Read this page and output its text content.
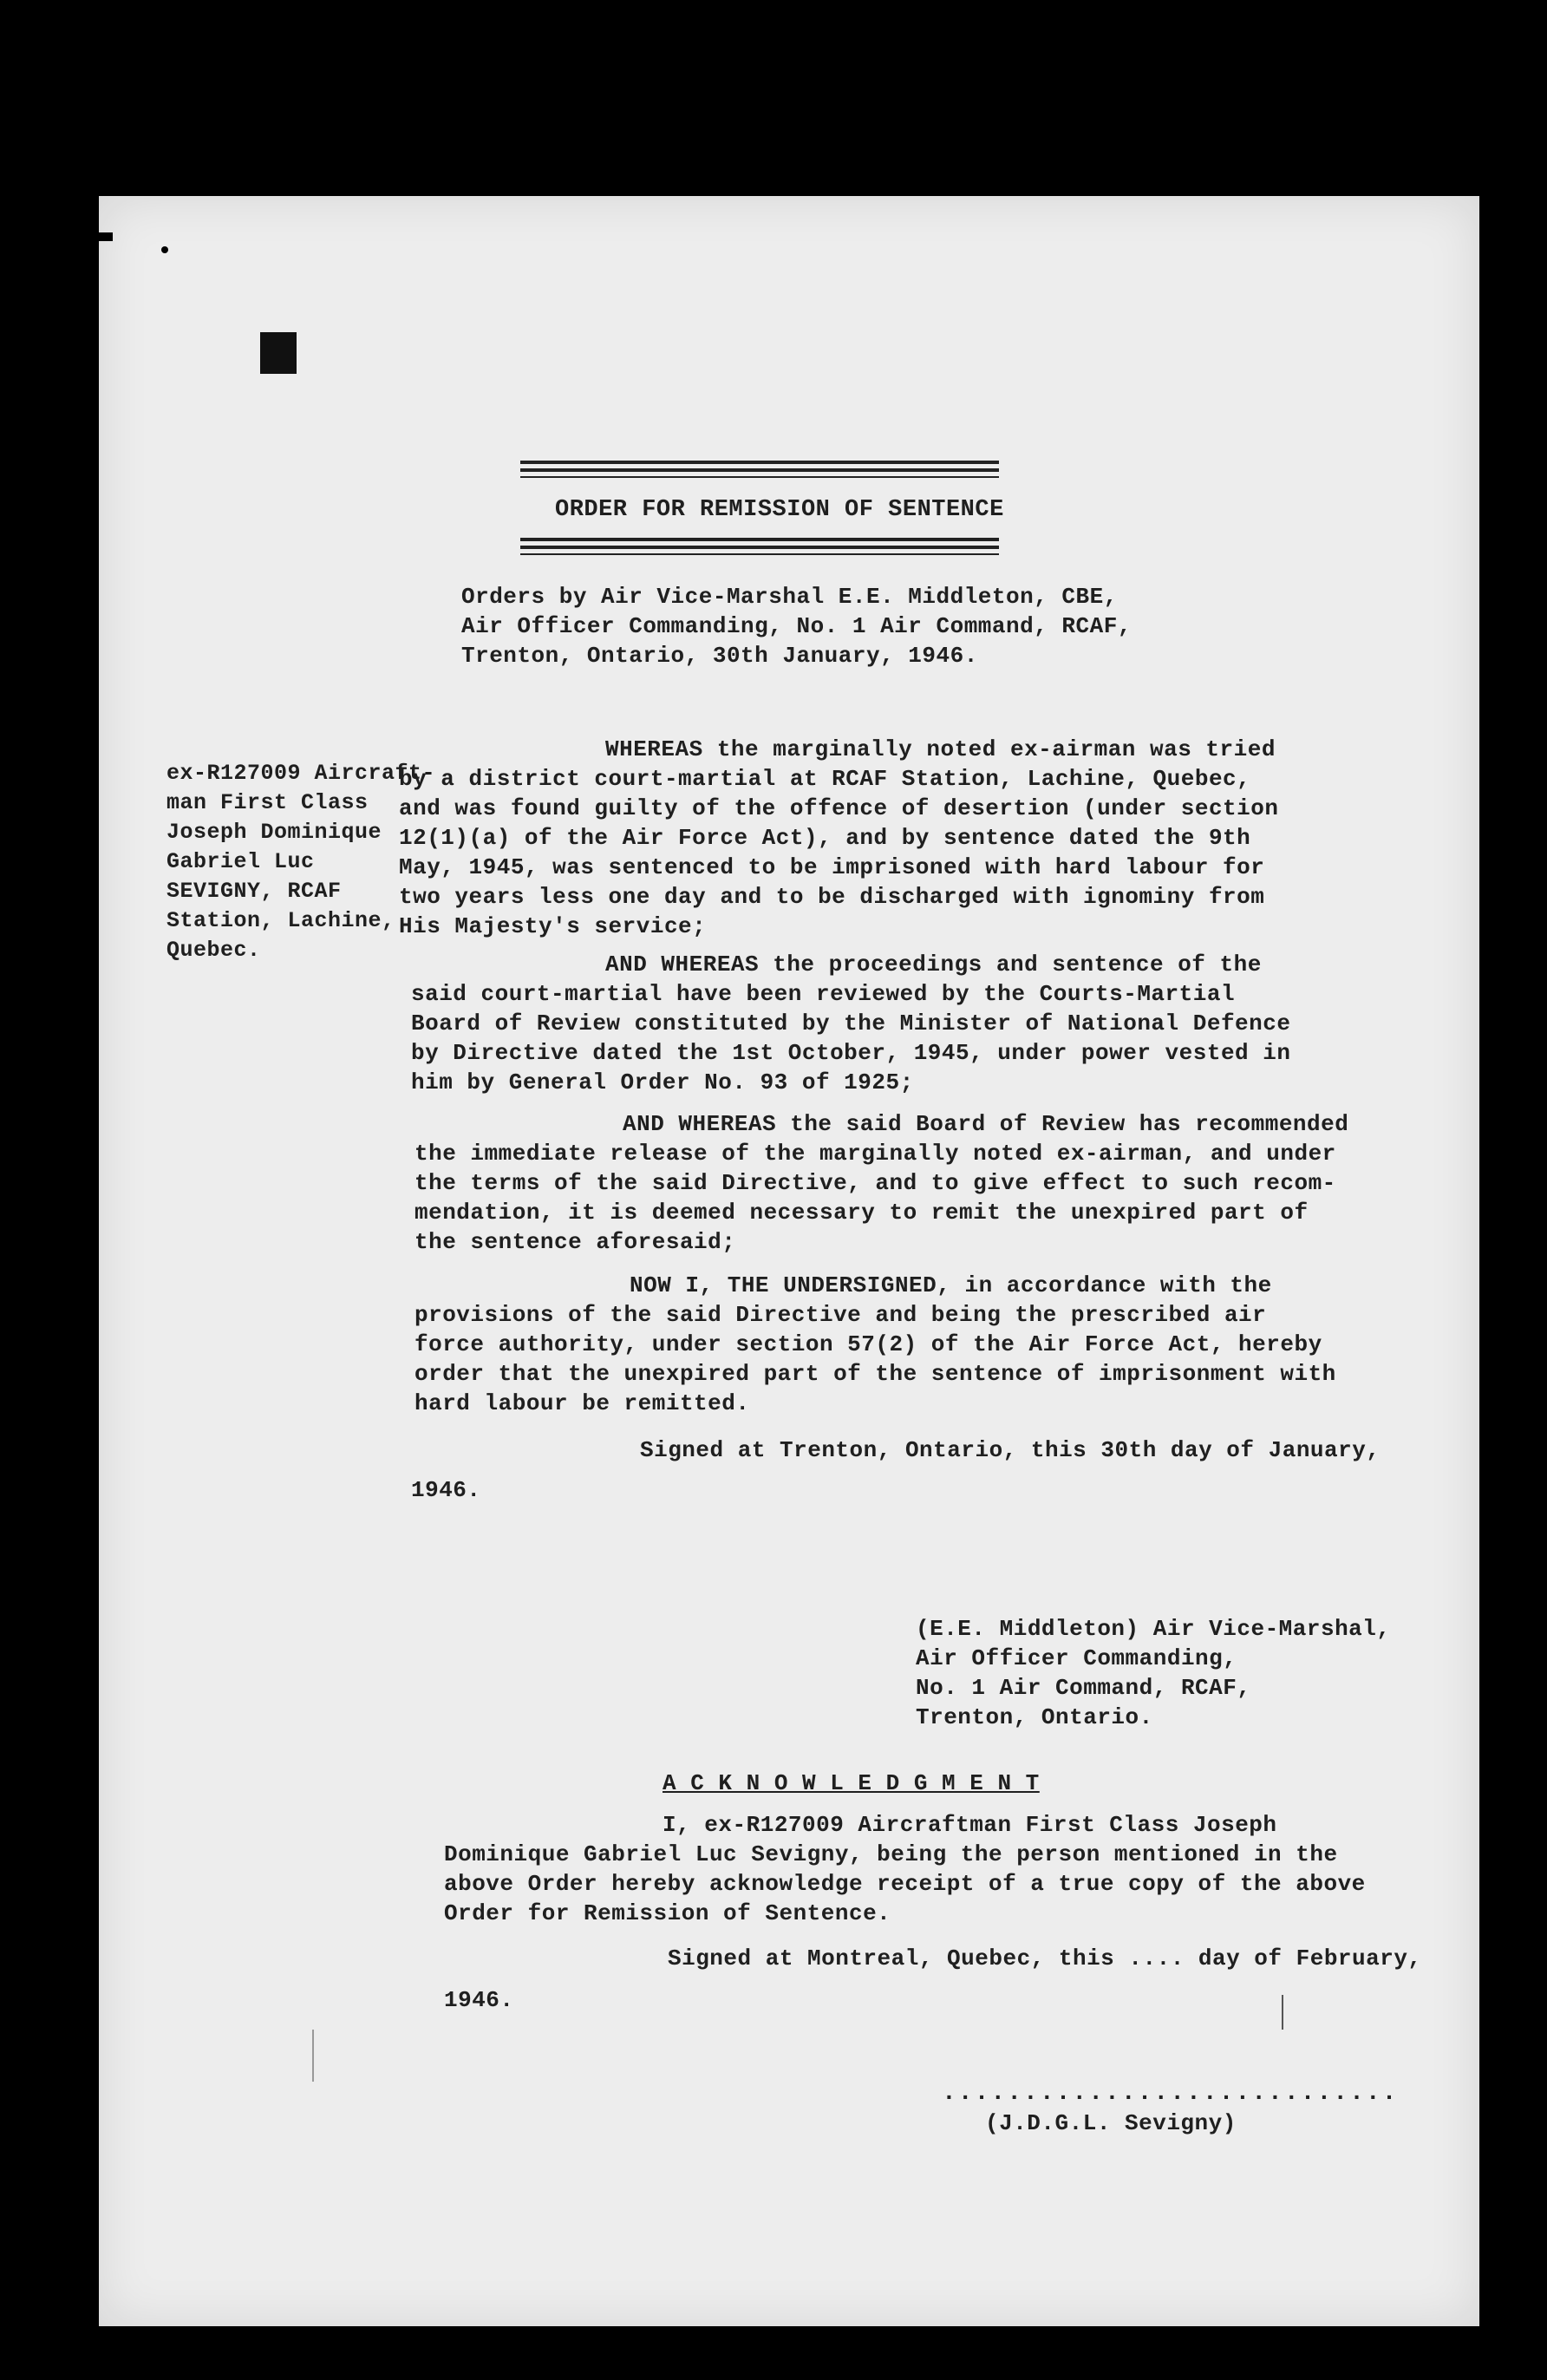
ORDER FOR REMISSION OF SENTENCE
Orders by Air Vice-Marshal E.E. Middleton, CBE,
Air Officer Commanding, No. 1 Air Command, RCAF,
Trenton, Ontario, 30th January, 1946.
ex-R127009 Aircraft-
man First Class
Joseph Dominique
Gabriel Luc
SEVIGNY, RCAF
Station, Lachine,
Quebec.
WHEREAS the marginally noted ex-airman was tried
by a district court-martial at RCAF Station, Lachine, Quebec,
and was found guilty of the offence of desertion (under section
12(1)(a) of the Air Force Act), and by sentence dated the 9th
May, 1945, was sentenced to be imprisoned with hard labour for
two years less one day and to be discharged with ignominy from
His Majesty's service;
AND WHEREAS the proceedings and sentence of the
said court-martial have been reviewed by the Courts-Martial
Board of Review constituted by the Minister of National Defence
by Directive dated the 1st October, 1945, under power vested in
him by General Order No. 93 of 1925;
AND WHEREAS the said Board of Review has recommended
the immediate release of the marginally noted ex-airman, and under
the terms of the said Directive, and to give effect to such recom-
mendation, it is deemed necessary to remit the unexpired part of
the sentence aforesaid;
NOW I, THE UNDERSIGNED, in accordance with the
provisions of the said Directive and being the prescribed air
force authority, under section 57(2) of the Air Force Act, hereby
order that the unexpired part of the sentence of imprisonment with
hard labour be remitted.
Signed at Trenton, Ontario, this 30th day of January,
1946.
(E.E. Middleton) Air Vice-Marshal,
Air Officer Commanding,
No. 1 Air Command, RCAF,
Trenton, Ontario.
A C K N O W L E D G M E N T
I, ex-R127009 Aircraftman First Class Joseph
Dominique Gabriel Luc Sevigny, being the person mentioned in the
above Order hereby acknowledge receipt of a true copy of the above
Order for Remission of Sentence.
Signed at Montreal, Quebec, this .... day of February,
1946.
............................
(J.D.G.L. Sevigny)
